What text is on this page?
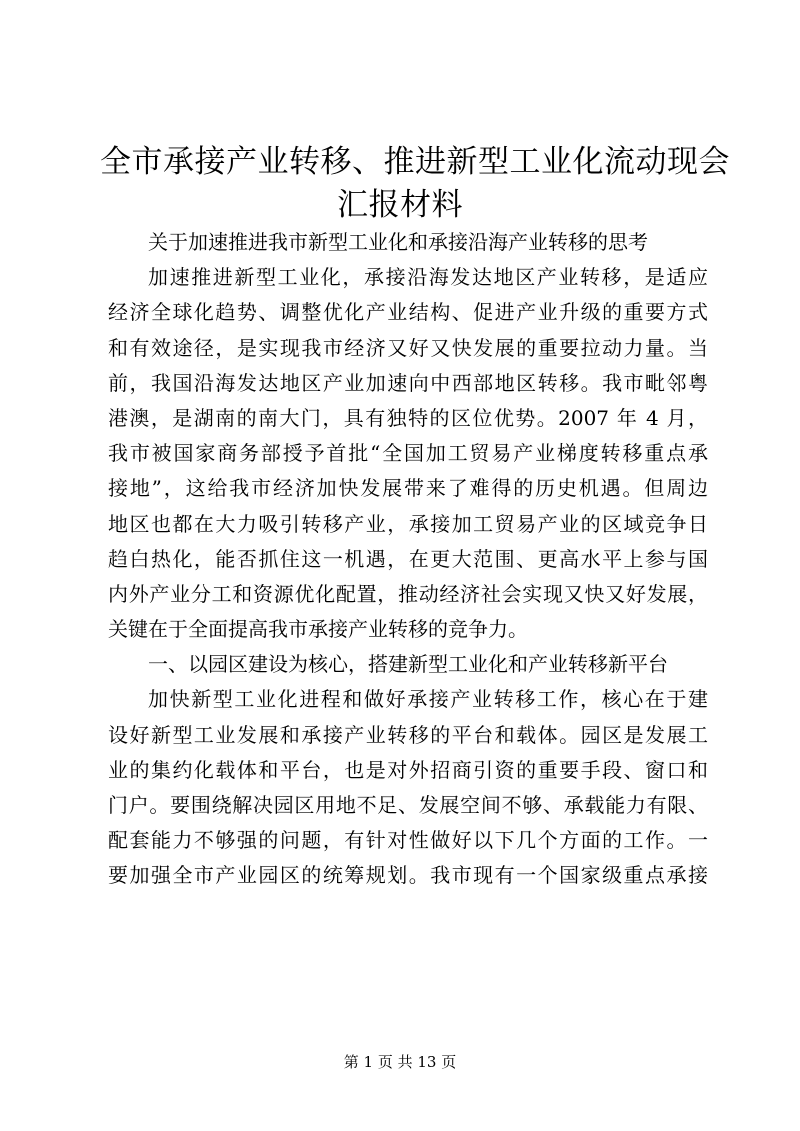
全市承接产业转移、推进新型工业化流动现会
汇报材料
关于加速推进我市新型工业化和承接沿海产业转移的思考
加速推进新型工业化，承接沿海发达地区产业转移，是适应
经济全球化趋势、调整优化产业结构、促进产业升级的重要方式
和有效途径，是实现我市经济又好又快发展的重要拉动力量。当
前，我国沿海发达地区产业加速向中西部地区转移。我市毗邻粤
港澳，是湖南的南大门，具有独特的区位优势。2007 年 4 月，
我市被国家商务部授予首批“全国加工贸易产业梯度转移重点承
接地”，这给我市经济加快发展带来了难得的历史机遇。但周边
地区也都在大力吸引转移产业，承接加工贸易产业的区域竞争日
趋白热化，能否抓住这一机遇，在更大范围、更高水平上参与国
内外产业分工和资源优化配置，推动经济社会实现又快又好发展，
关键在于全面提高我市承接产业转移的竞争力。
一、以园区建设为核心，搭建新型工业化和产业转移新平台
加快新型工业化进程和做好承接产业转移工作，核心在于建
设好新型工业发展和承接产业转移的平台和载体。园区是发展工
业的集约化载体和平台，也是对外招商引资的重要手段、窗口和
门户。要围绕解决园区用地不足、发展空间不够、承载能力有限、
配套能力不够强的问题，有针对性做好以下几个方面的工作。一
要加强全市产业园区的统筹规划。我市现有一个国家级重点承接
第 1 页 共 13 页
